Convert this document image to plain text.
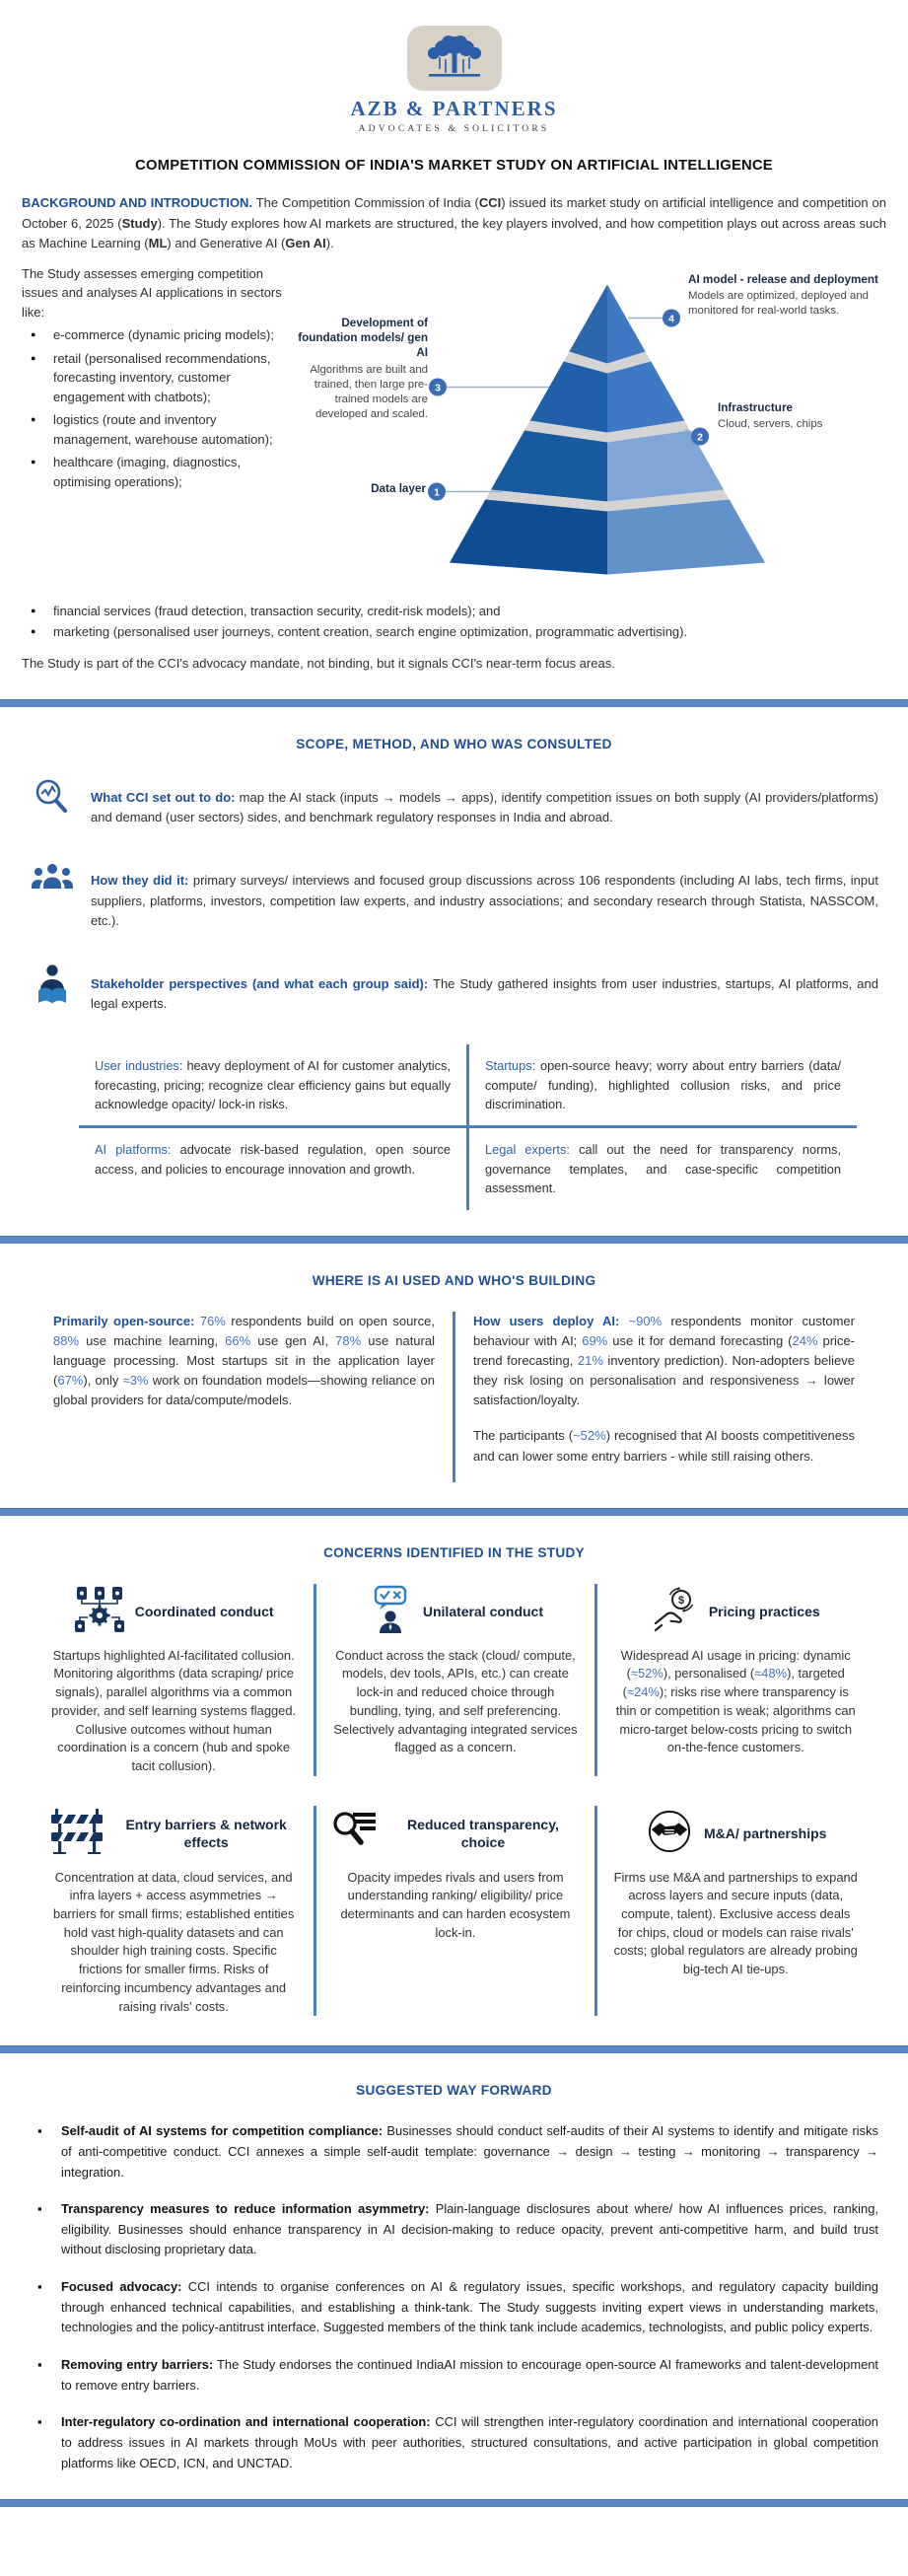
AZB & PARTNERS
ADVOCATES & SOLICITORS
COMPETITION COMMISSION OF INDIA'S MARKET STUDY ON ARTIFICIAL INTELLIGENCE

BACKGROUND AND INTRODUCTION. The Competition Commission of India (CCI) issued its market study on artificial intelligence and competition on October 6, 2025 (Study). The Study explores how AI markets are structured, the key players involved, and how competition plays out across areas such as Machine Learning (ML) and Generative AI (Gen AI).

The Study assesses emerging competition issues and analyses AI applications in sectors like:

● e-commerce (dynamic pricing models);
● retail (personalised recommendations, forecasting inventory, customer engagement with chatbots);
● logistics (route and inventory management, warehouse automation);
● healthcare (imaging, diagnostics, optimising operations);
4
3
2
1
AI model - release and deployment
Models are optimized, deployed and monitored for real-world tasks.
Development of foundation models/ gen AI
Algorithms are built and trained, then large pre-trained models are developed and scaled.
Infrastructure
Cloud, servers, chips
Data layer
● financial services (fraud detection, transaction security, credit-risk models); and
● marketing (personalised user journeys, content creation, search engine optimization, programmatic advertising).

The Study is part of the CCI's advocacy mandate, not binding, but it signals CCI's near-term focus areas.

SCOPE, METHOD, AND WHO WAS CONSULTED

What CCI set out to do: map the AI stack (inputs → models → apps), identify competition issues on both supply (AI providers/platforms) and demand (user sectors) sides, and benchmark regulatory responses in India and abroad.

How they did it: primary surveys/ interviews and focused group discussions across 106 respondents (including AI labs, tech firms, input suppliers, platforms, investors, competition law experts, and industry associations; and secondary research through Statista, NASSCOM, etc.).

Stakeholder perspectives (and what each group said): The Study gathered insights from user industries, startups, AI platforms, and legal experts.

User industries: heavy deployment of AI for customer analytics, forecasting, pricing; recognize clear efficiency gains but equally acknowledge opacity/ lock-in risks.
Startups: open-source heavy; worry about entry barriers (data/ compute/ funding), highlighted collusion risks, and price discrimination.
AI platforms: advocate risk-based regulation, open source access, and policies to encourage innovation and growth.
Legal experts: call out the need for transparency norms, governance templates, and case-specific competition assessment.
WHERE IS AI USED AND WHO'S BUILDING

Primarily open-source: 76% respondents build on open source, 88% use machine learning, 66% use gen AI, 78% use natural language processing. Most startups sit in the application layer (67%), only ≈3% work on foundation models—showing reliance on global providers for data/compute/models.

How users deploy AI: ~90% respondents monitor customer behaviour with AI; 69% use it for demand forecasting (24% price-trend forecasting, 21% inventory prediction). Non-adopters believe they risk losing on personalisation and responsiveness → lower satisfaction/loyalty.

The participants (~52%) recognised that AI boosts competitiveness and can lower some entry barriers - while still raising others.

CONCERNS IDENTIFIED IN THE STUDY
Coordinated conduct
Startups highlighted AI-facilitated collusion. Monitoring algorithms (data scraping/ price signals), parallel algorithms via a common provider, and self learning systems flagged. Collusive outcomes without human coordination is a concern (hub and spoke tacit collusion).
Unilateral conduct
Conduct across the stack (cloud/ compute, models, dev tools, APIs, etc.) can create lock-in and reduced choice through bundling, tying, and self preferencing. Selectively advantaging integrated services flagged as a concern.
$
Pricing practices
Widespread AI usage in pricing: dynamic (≈52%), personalised (≈48%), targeted (≈24%); risks rise where transparency is thin or competition is weak; algorithms can micro-target below-costs pricing to switch on-the-fence customers.
Entry barriers & network effects
Concentration at data, cloud services, and infra layers + access asymmetries → barriers for small firms; established entities hold vast high-quality datasets and can shoulder high training costs. Specific frictions for smaller firms. Risks of reinforcing incumbency advantages and raising rivals' costs.
Reduced transparency, choice
Opacity impedes rivals and users from understanding ranking/ eligibility/ price determinants and can harden ecosystem lock-in.
M&A/ partnerships
Firms use M&A and partnerships to expand across layers and secure inputs (data, compute, talent). Exclusive access deals for chips, cloud or models can raise rivals' costs; global regulators are already probing big-tech AI tie-ups.
SUGGESTED WAY FORWARD
▪ Self-audit of AI systems for competition compliance: Businesses should conduct self-audits of their AI systems to identify and mitigate risks of anti-competitive conduct. CCI annexes a simple self-audit template: governance → design → testing → monitoring → transparency → integration.
▪ Transparency measures to reduce information asymmetry: Plain-language disclosures about where/ how AI influences prices, ranking, eligibility. Businesses should enhance transparency in AI decision-making to reduce opacity, prevent anti-competitive harm, and build trust without disclosing proprietary data.
▪ Focused advocacy: CCI intends to organise conferences on AI & regulatory issues, specific workshops, and regulatory capacity building through enhanced technical capabilities, and establishing a think-tank. The Study suggests inviting expert views in understanding markets, technologies and the policy-antitrust interface. Suggested members of the think tank include academics, technologists, and public policy experts.
▪ Removing entry barriers: The Study endorses the continued IndiaAI mission to encourage open-source AI frameworks and talent-development to remove entry barriers.
▪ Inter-regulatory co-ordination and international cooperation: CCI will strengthen inter-regulatory coordination and international cooperation to address issues in AI markets through MoUs with peer authorities, structured consultations, and active participation in global competition platforms like OECD, ICN, and UNCTAD.
